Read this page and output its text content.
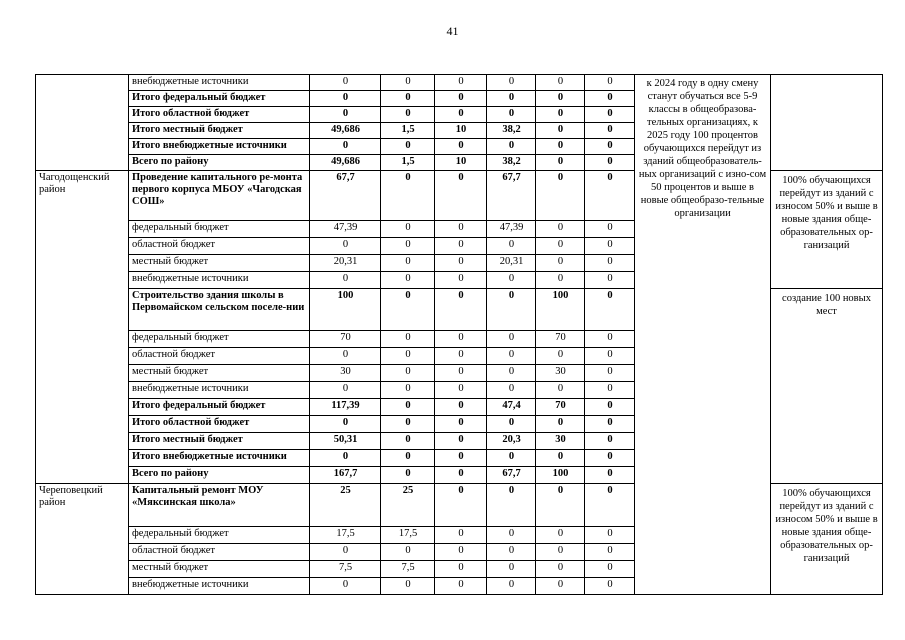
41
	внебюджетные источники	0	0	0	0	0	0	к 2024 году в одну смену станут обучаться все 5-9 классы в общеобразова-тельных организациях, к 2025 году 100 процентов обучающихся перейдут из зданий общеобразователь-ных организаций с изно-сом 50 процентов и выше в новые общеобразо-тельные организации	
	Итого федеральный бюджет	0	0	0	0	0	0		
	Итого областной бюджет	0	0	0	0	0	0		
	Итого местный бюджет	49,686	1,5	10	38,2	0	0		
	Итого внебюджетные источники	0	0	0	0	0	0		
	Всего по району	49,686	1,5	10	38,2	0	0		
Чагодощенский район	Проведение капитального ре-монта первого корпуса МБОУ «Чагодская СОШ»	67,7	0	0	67,7	0	0		100% обучающихся перейдут из зданий с износом 50% и выше в новые здания обще-образовательных ор-ганизаций
	федеральный бюджет	47,39	0	0	47,39	0	0		
	областной бюджет	0	0	0	0	0	0		
	местный бюджет	20,31	0	0	20,31	0	0		
	внебюджетные источники	0	0	0	0	0	0		
	Строительство здания школы в Первомайском сельском поселе-нии	100	0	0	0	100	0		создание 100 новых мест
	федеральный бюджет	70	0	0	0	70	0		
	областной бюджет	0	0	0	0	0	0		
	местный бюджет	30	0	0	0	30	0		
	внебюджетные источники	0	0	0	0	0	0		
	Итого федеральный бюджет	117,39	0	0	47,4	70	0		
	Итого областной бюджет	0	0	0	0	0	0		
	Итого местный бюджет	50,31	0	0	20,3	30	0		
	Итого внебюджетные источники	0	0	0	0	0	0		
	Всего по району	167,7	0	0	67,7	100	0		
Череповецкий район	Капитальный ремонт МОУ «Мяксинская школа»	25	25	0	0	0	0		100% обучающихся перейдут из зданий с износом 50% и выше в новые здания обще-образовательных ор-ганизаций
	федеральный бюджет	17,5	17,5	0	0	0	0		
	областной бюджет	0	0	0	0	0	0		
	местный бюджет	7,5	7,5	0	0	0	0		
	внебюджетные источники	0	0	0	0	0	0		
